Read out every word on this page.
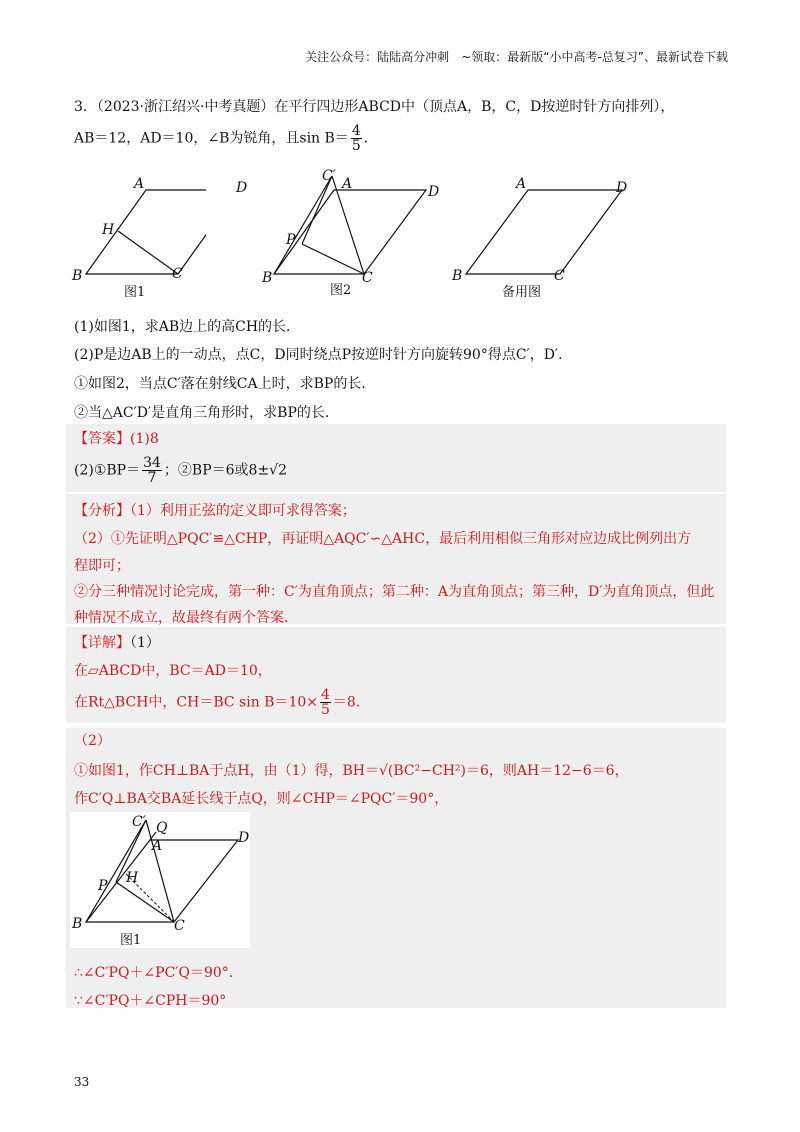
关注公众号：陆陆高分冲刺　~领取：最新版“小中高考-总复习”、最新试卷下载
3．（2023·浙江绍兴·中考真题）在平行四边形ABCD中（顶点A，B，C，D按逆时针方向排列），
AB＝12，AD＝10，∠B为锐角，且$\sin B= \frac{4}{5}$ ．
A
B	C
H
图1
D
C′ A	D
P
B	C
图2
A	D
B	C
备用图
(1)如图1，求AB边上的高CH的长．
(2)P是边AB上的一动点，点C，D同时绕点P按逆时针方向旋转90°得点C′，D′．
①如图2，当点C′落在射线CA上时，求BP的长．
②当△AC′D′是直角三角形时，求BP的长．
【答案】(1)8
(2)①BP＝ $\frac{34}{7}$ ；②BP＝6或8±√2
【分析】（1）利用正弦的定义即可求得答案；
（2）①先证明△PQC′≌△CHP，再证明△AQC′∽△AHC，最后利用相似三角形对应边成比例列出方
程即可；
②分三种情况讨论完成，第一种：C′为直角顶点；第二种：A为直角顶点；第三种，D′为直角顶点，但此
种情况不成立，故最终有两个答案．
【详解】（1）
在▱ABCD中，BC＝AD＝10，
在Rt△BCH中，CH＝BC $\sin B=10\times \frac{4}{5} =8$．
（2）
①如图1，作CH⊥BA于点H，由（1）得，BH＝√(BC²−CH²)＝6，则AH＝12−6＝6，
作C′Q⊥BA交BA延长线于点Q，则∠CHP＝∠PQC′＝90°，
C′ Q
A	D
P H
B	C
图1
∴∠C′PQ＋∠PC′Q＝90°．
∵∠C′PQ＋∠CPH＝90°
33
